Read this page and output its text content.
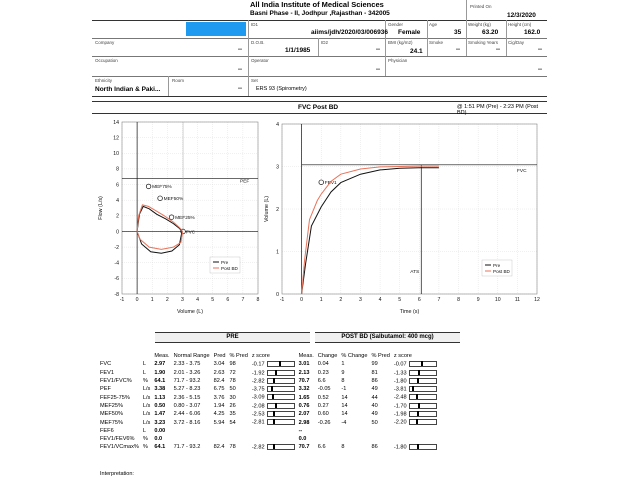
All India Institute of Medical Sciences
Basni Phase - II, Jodhpur ,Rajasthan - 342005
Printed On
12/3/2020
ID1
aiims/jdh/2020/03/006936
Gender
Female
Age
35
Weight (kg)
63.20
Height (cm)
162.0
Company
--
D.O.B.
1/1/1985
ID2
--
BMI (kg/m2)
24.1
Smoke
--
Smoking Years
--
Cig/Day
--
Occupation
--
Operator
--
Physician
--
Ethnicity
North Indian & Paki...
Room
--
Set
ERS 93 (Spirometry)
FVC Post BD	@ 1:51 PM (Pre) - 2:23 PM (Post BD)
-1 0 1 2 3 4 5 6 7 8
-8
-6
-4
-2
0
2
4
6
8
10
12
14
PEF
MEF75%
MEF50%
MEF25%
FVC
Pre
Post BD
Volume (L)
Flow (L/s)
-1	0	1	2	3	4	5	6	7	8	9	10	11	12
0
1
2
3
4
FVC
ATS
FEV1
Pre
Post BD
Time (s)
Volume (L)
PRE	POST BD (Salbutamol: 400 mcg)
		Meas.	Normal Range	Pred	% Pred	z score	Meas.	Change	% Change	% Pred	z score
FVC	L	2.97	2.33 - 3.75	3.04	98	-0.17	3.01	0.04	1	99	-0.07

FEV1	L	1.90	2.01 - 3.26	2.63	72	-1.92	2.13	0.23	9	81	-1.33

FEV1/FVC%	%	64.1	71.7 - 93.2	82.4	78	-2.82	70.7	6.6	8	86	-1.80

PEF	L/s	3.38	5.27 - 8.23	6.75	50	-3.75	3.32	-0.05	-1	49	-3.81

FEF25-75%	L/s	1.13	2.36 - 5.15	3.76	30	-3.09	1.65	0.52	14	44	-2.48

MEF25%	L/s	0.50	0.80 - 3.07	1.94	26	-2.08	0.76	0.27	14	40	-1.70

MEF50%	L/s	1.47	2.44 - 6.06	4.25	35	-2.53	2.07	0.60	14	49	-1.98

MEF75%	L/s	3.23	3.72 - 8.16	5.94	54	-2.81	2.98	-0.26	-4	50	-2.20

FEF6	L	0.00					--				
FEV1/FEV6%	%	0.0					0.0				
FEV1/VCmax%	%	64.1	71.7 - 93.2	82.4	78	-2.82	70.7	6.6	8	86	-1.80
Interpretation:
